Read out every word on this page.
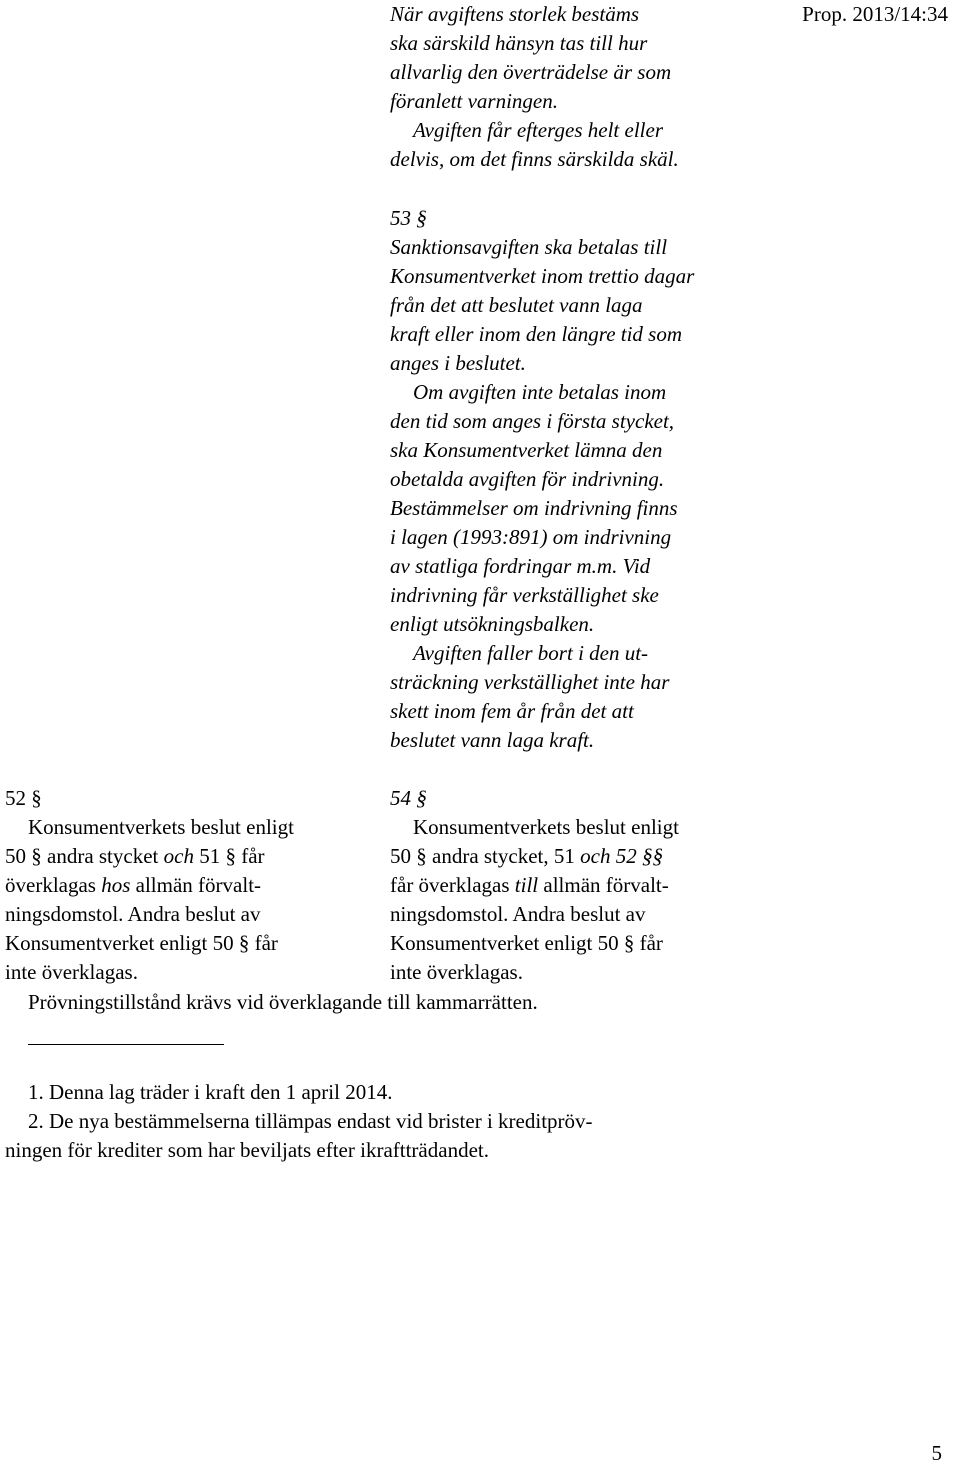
Prop. 2013/14:34
När avgiftens storlek bestäms
ska särskild hänsyn tas till hur
allvarlig den överträdelse är som
föranlett varningen.
Avgiften får efterges helt eller
delvis, om det finns särskilda skäl.
53 §
Sanktionsavgiften ska betalas till
Konsumentverket inom trettio dagar
från det att beslutet vann laga
kraft eller inom den längre tid som
anges i beslutet.
Om avgiften inte betalas inom
den tid som anges i första stycket,
ska Konsumentverket lämna den
obetalda avgiften för indrivning.
Bestämmelser om indrivning finns
i lagen (1993:891) om indrivning
av statliga fordringar m.m. Vid
indrivning får verkställighet ske
enligt utsökningsbalken.
Avgiften faller bort i den ut-
sträckning verkställighet inte har
skett inom fem år från det att
beslutet vann laga kraft.
52 §
Konsumentverkets beslut enligt
50 § andra stycket och 51 § får
överklagas hos allmän förvalt-
ningsdomstol. Andra beslut av
Konsumentverket enligt 50 § får
inte överklagas.
54 §
Konsumentverkets beslut enligt
50 § andra stycket, 51 och 52 §§
får överklagas till allmän förvalt-
ningsdomstol. Andra beslut av
Konsumentverket enligt 50 § får
inte överklagas.
Prövningstillstånd krävs vid överklagande till kammarrätten.
1. Denna lag träder i kraft den 1 april 2014.
2. De nya bestämmelserna tillämpas endast vid brister i kreditpröv-
ningen för krediter som har beviljats efter ikraftträdandet.
5
